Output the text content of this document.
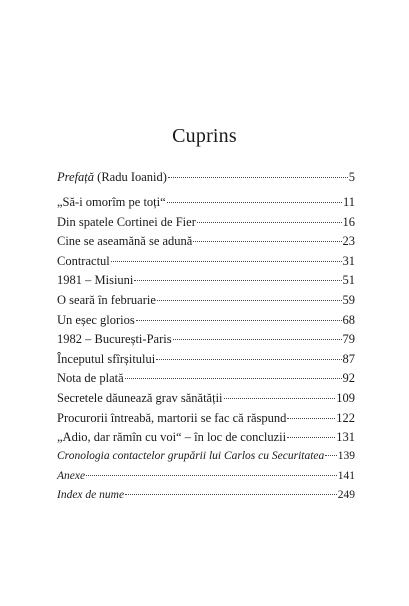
Cuprins
Prefață (Radu Ioanid)	5
„Să-i omorîm pe toți“	11
Din spatele Cortinei de Fier	16
Cine se aseamănă se adună	23
Contractul	31
1981 – Misiuni	51
O seară în februarie	59
Un eșec glorios	68
1982 – București-Paris	79
Începutul sfîrșitului	87
Nota de plată	92
Secretele dăunează grav sănătății	109
Procurorii întreabă, martorii se fac că răspund	122
„Adio, dar rămîn cu voi“ – în loc de concluzii	131
Cronologia contactelor grupării lui Carlos cu Securitatea 139
Anexe	141
Index de nume	249
